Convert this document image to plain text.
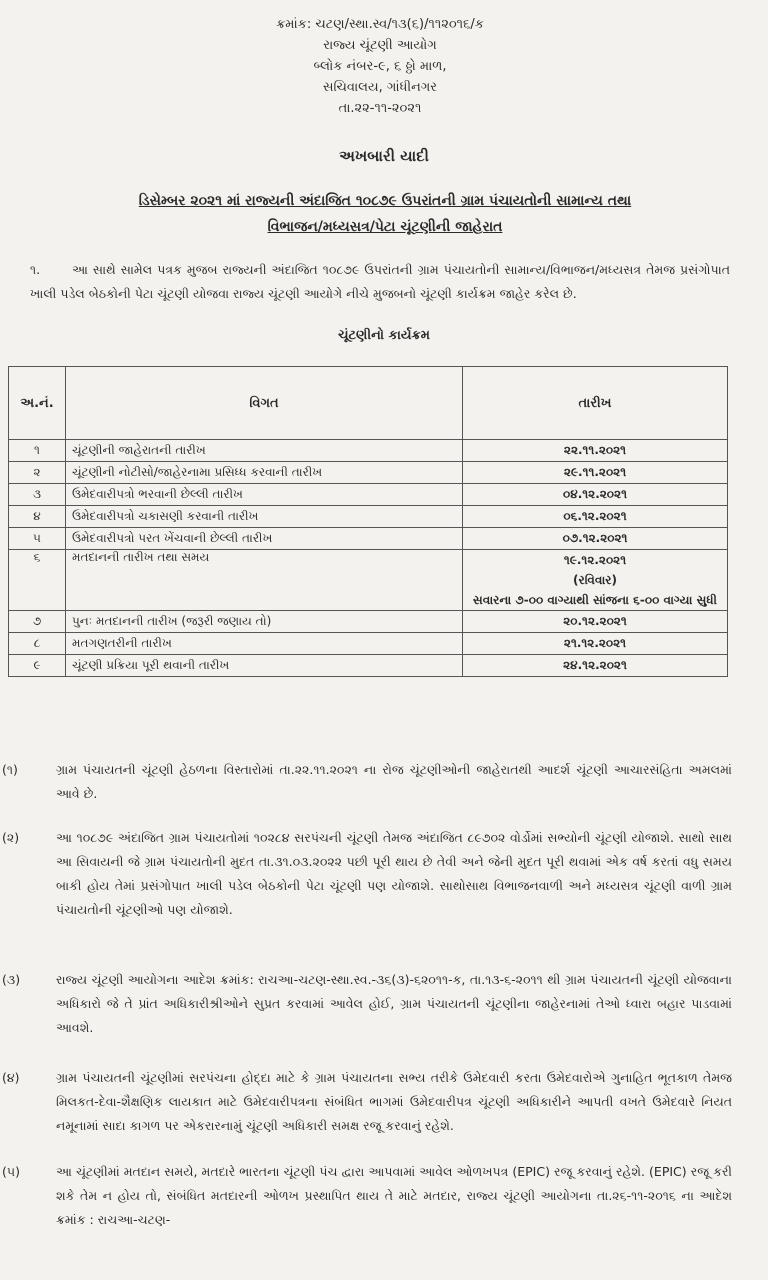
ક્રમાંક: ચટણ/સ્થા.સ્વ/૧૩(૬)/૧૧૨૦૧૬/ક
રાજ્ય ચૂંટણી આયોગ
બ્લોક નંબર-૯, ૬ ઠ્ઠો માળ,
સચિવાલય, ગાંધીનગર
તા.૨૨-૧૧-૨૦૨૧
અખબારી યાદી
ડિસેમ્બર ૨૦૨૧ માં રાજ્યની અંદાજિત ૧૦૮૭૯ ઉપરાંતની ગ્રામ પંચાયતોની સામાન્ય તથા
વિભાજન/મધ્યસત્ર/પેટા ચૂંટણીની જાહેરાત
૧.	આ સાથે સામેલ પત્રક મુજબ રાજ્યની અંદાજિત ૧૦૮૭૯ ઉપરાંતની ગ્રામ પંચાયતોની સામાન્ય/વિભાજન/મધ્યસત્ર તેમજ પ્રસંગોપાત ખાલી પડેલ બેઠકોની પેટા ચૂંટણી યોજવા રાજ્ય ચૂંટણી આયોગે નીચે મુજબનો ચૂંટણી કાર્યક્રમ જાહેર કરેલ છે.
ચૂંટણીનો કાર્યક્રમ
અ.નં.	વિગત	તારીખ
૧	ચૂંટણીની જાહેરાતની તારીખ	૨૨.૧૧.૨૦૨૧
૨	ચૂંટણીની નોટીસો/જાહેરનામા પ્રસિધ્ધ કરવાની તારીખ	૨૯.૧૧.૨૦૨૧
૩	ઉમેદવારીપત્રો ભરવાની છેલ્લી તારીખ	૦૪.૧૨.૨૦૨૧
૪	ઉમેદવારીપત્રો ચકાસણી કરવાની તારીખ	૦૬.૧૨.૨૦૨૧
૫	ઉમેદવારીપત્રો પરત ખેંચવાની છેલ્લી તારીખ	૦૭.૧૨.૨૦૨૧
૬	મતદાનની તારીખ તથા સમય	૧૯.૧૨.૨૦૨૧
(રવિવાર)
સવારના ૭-૦૦ વાગ્યાથી સાંજના ૬-૦૦ વાગ્યા સુધી

૭	પુનઃ મતદાનની તારીખ (જરૂરી જણાય તો)	૨૦.૧૨.૨૦૨૧
૮	મતગણતરીની તારીખ	૨૧.૧૨.૨૦૨૧
૯	ચૂંટણી પ્રક્રિયા પૂરી થવાની તારીખ	૨૪.૧૨.૨૦૨૧
(૧)	ગ્રામ પંચાયતની ચૂંટણી હેઠળના વિસ્તારોમાં તા.૨૨.૧૧.૨૦૨૧ ના રોજ ચૂંટણીઓની જાહેરાતથી આદર્શ ચૂંટણી આચારસંહિતા અમલમાં આવે છે.
(૨)	આ ૧૦૮૭૯ અંદાજિત ગ્રામ પંચાયતોમાં ૧૦૨૮૪ સરપંચની ચૂંટણી તેમજ અંદાજિત ૮૯૭૦૨ વોર્ડોમાં સભ્યોની ચૂંટણી યોજાશે. સાથો સાથ આ સિવાયની જે ગ્રામ પંચાયતોની મુદત તા.૩૧.૦૩.૨૦૨૨ પછી પૂરી થાય છે તેવી અને જેની મુદત પૂરી થવામાં એક વર્ષ કરતાં વધુ સમય બાકી હોય તેમાં પ્રસંગોપાત ખાલી પડેલ બેઠકોની પેટા ચૂંટણી પણ યોજાશે. સાથોસાથ વિભાજનવાળી અને મધ્યસત્ર ચૂંટણી વાળી ગ્રામ પંચાયતોની ચૂંટણીઓ પણ યોજાશે.
(૩)	રાજ્ય ચૂંટણી આયોગના આદેશ ક્રમાંક: રાચઆ-ચટણ-સ્થા.સ્વ.-૩૬(૩)-૬૨૦૧૧-ક, તા.૧૩-૬-૨૦૧૧ થી ગ્રામ પંચાયતની ચૂંટણી યોજવાના અધિકારો જે તે પ્રાંત અધિકારીશ્રીઓને સુપ્રત કરવામાં આવેલ હોઈ, ગ્રામ પંચાયતની ચૂંટણીના જાહેરનામાં તેઓ ધ્વારા બહાર પાડવામાં આવશે.
(૪)	ગ્રામ પંચાયતની ચૂંટણીમાં સરપંચના હોદ્દા માટે કે ગ્રામ પંચાયતના સભ્ય તરીકે ઉમેદવારી કરતા ઉમેદવારોએ ગુનાહિત ભૂતકાળ તેમજ મિલકત-દેવા-શૈક્ષણિક લાયકાત માટે ઉમેદવારીપત્રના સંબંધિત ભાગમાં ઉમેદવારીપત્ર ચૂંટણી અધિકારીને આપતી વખતે ઉમેદવારે નિયત નમૂનામાં સાદા કાગળ પર એકરારનામું ચૂંટણી અધિકારી સમક્ષ રજૂ કરવાનું રહેશે.
(૫)	આ ચૂંટણીમાં મતદાન સમયે, મતદારે ભારતના ચૂંટણી પંચ દ્વારા આપવામાં આવેલ ઓળખપત્ર (EPIC) રજૂ કરવાનું રહેશે. (EPIC) રજૂ કરી શકે તેમ ન હોય તો, સંબંધિત મતદારની ઓળખ પ્રસ્થાપિત થાય તે માટે મતદાર, રાજ્ય ચૂંટણી આયોગના તા.૨૬-૧૧-૨૦૧૬ ના આદેશ ક્રમાંક : રાચઆ-ચટણ-
